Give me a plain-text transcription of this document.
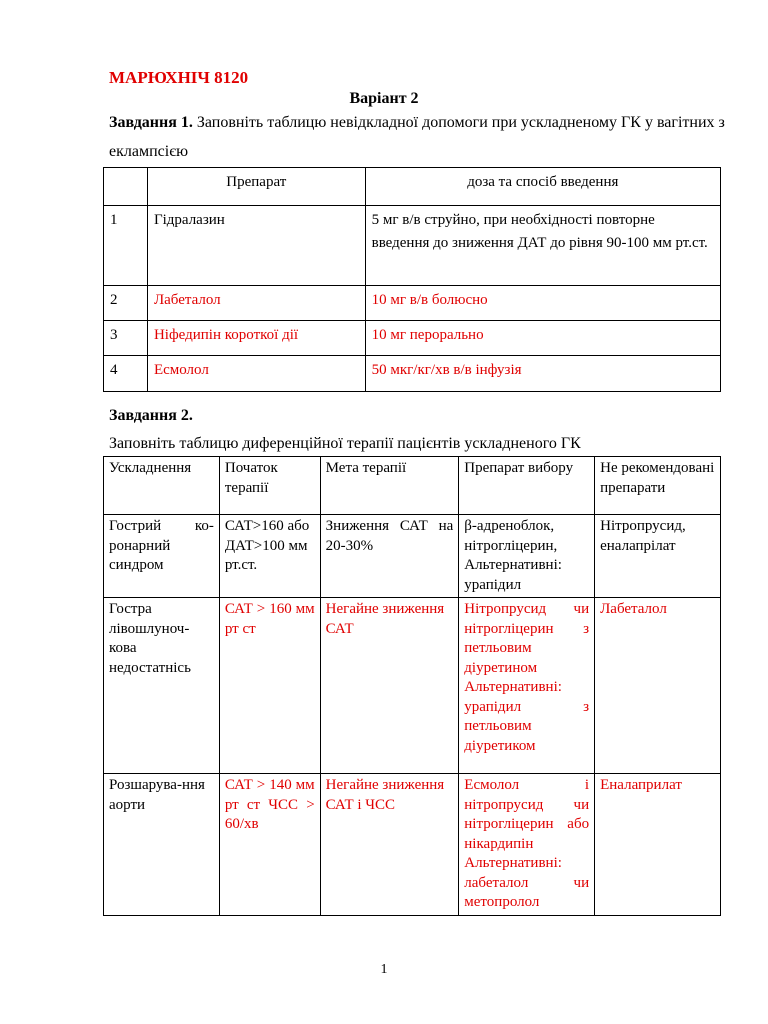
МАРЮХНІЧ 8120
Варіант 2
Завдання 1. Заповніть таблицю невідкладної допомоги при ускладненому ГК у вагітних з еклампсією
	Препарат	доза та спосіб введення
1	Гідралазин	5 мг в/в струйно, при необхідності повторне введення до зниження ДАТ до рівня 90-100 мм рт.ст.
2	Лабеталол	10 мг в/в болюсно
3	Ніфедипін короткої дії	10 мг перорально
4	Есмолол	50 мкг/кг/хв в/в інфузія
Завдання 2.
Заповніть таблицю диференційної терапії пацієнтів ускладненого ГК
Ускладнення	Початок терапії	Мета терапії	Препарат вибору	Не рекомендовані препарати
Гострий ко-ронарний синдром	САТ>160 або ДАТ>100 мм рт.ст.	Зниження САТ на 20-30%	β-адреноблок, нітрогліцерин, Альтернативні: урапідил	Нітропрусид, еналапрілат
Гостра лівошлуноч-кова недостатнісь	САТ > 160 мм рт ст	Негайне зниження САТ	Нітропрусид чи нітрогліцерин з петльовим діуретином Альтернативні: урапідил з петльовим діуретиком	Лабеталол
Розшарува-ння аорти	САТ > 140 мм рт ст ЧСС > 60/хв	Негайне зниження САТ і ЧСС	Есмолол і нітропрусид чи нітрогліцерин або нікардипін Альтернативні: лабеталол чи метопролол	Еналаприлат
1
